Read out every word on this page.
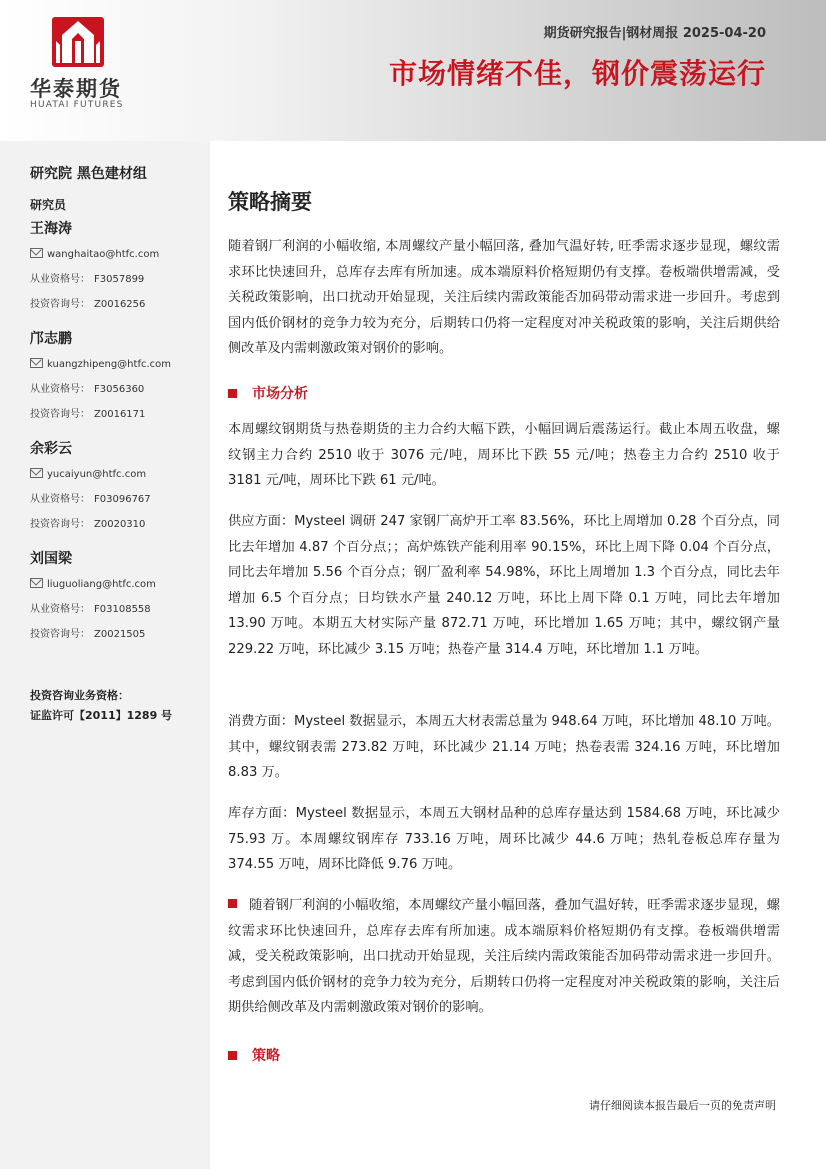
华泰期货
HUATAI FUTURES
期货研究报告|钢材周报 2025-04-20
市场情绪不佳，钢价震荡运行
研究院 黑色建材组
研究员
王海涛
wanghaitao@htfc.com
从业资格号： F3057899
投资咨询号： Z0016256
邝志鹏
kuangzhipeng@htfc.com
从业资格号： F3056360
投资咨询号： Z0016171
余彩云
yucaiyun@htfc.com
从业资格号： F03096767
投资咨询号： Z0020310
刘国梁
liuguoliang@htfc.com
从业资格号： F03108558
投资咨询号： Z0021505
投资咨询业务资格：
证监许可【2011】1289 号
策略摘要

随着钢厂利润的小幅收缩, 本周螺纹产量小幅回落, 叠加气温好转, 旺季需求逐步显现，螺纹需求环比快速回升，总库存去库有所加速。成本端原料价格短期仍有支撑。卷板端供增需减，受关税政策影响，出口扰动开始显现，关注后续内需政策能否加码带动需求进一步回升。考虑到国内低价钢材的竞争力较为充分，后期转口仍将一定程度对冲关税政策的影响，关注后期供给侧改革及内需刺激政策对钢价的影响。

市场分析

本周螺纹钢期货与热卷期货的主力合约大幅下跌，小幅回调后震荡运行。截止本周五收盘，螺纹钢主力合约 2510 收于 3076 元/吨，周环比下跌 55 元/吨；热卷主力合约 2510 收于 3181 元/吨，周环比下跌 61 元/吨。

供应方面：Mysteel 调研 247 家钢厂高炉开工率 83.56%，环比上周增加 0.28 个百分点，同比去年增加 4.87 个百分点；；高炉炼铁产能利用率 90.15%，环比上周下降 0.04 个百分点，同比去年增加 5.56 个百分点；钢厂盈利率 54.98%，环比上周增加 1.3 个百分点，同比去年增加 6.5 个百分点；日均铁水产量 240.12 万吨，环比上周下降 0.1 万吨，同比去年增加 13.90 万吨。本期五大材实际产量 872.71 万吨，环比增加 1.65 万吨；其中，螺纹钢产量 229.22 万吨，环比减少 3.15 万吨；热卷产量 314.4 万吨，环比增加 1.1 万吨。

消费方面：Mysteel 数据显示，本周五大材表需总量为 948.64 万吨，环比增加 48.10 万吨。其中，螺纹钢表需 273.82 万吨，环比减少 21.14 万吨；热卷表需 324.16 万吨，环比增加 8.83 万。

库存方面：Mysteel 数据显示，本周五大钢材品种的总库存量达到 1584.68 万吨，环比减少 75.93 万。本周螺纹钢库存 733.16 万吨，周环比减少 44.6 万吨；热轧卷板总库存量为 374.55 万吨，周环比降低 9.76 万吨。

随着钢厂利润的小幅收缩，本周螺纹产量小幅回落，叠加气温好转，旺季需求逐步显现，螺纹需求环比快速回升，总库存去库有所加速。成本端原料价格短期仍有支撑。卷板端供增需减，受关税政策影响，出口扰动开始显现，关注后续内需政策能否加码带动需求进一步回升。考虑到国内低价钢材的竞争力较为充分，后期转口仍将一定程度对冲关税政策的影响，关注后期供给侧改革及内需刺激政策对钢价的影响。

策略
请仔细阅读本报告最后一页的免责声明
